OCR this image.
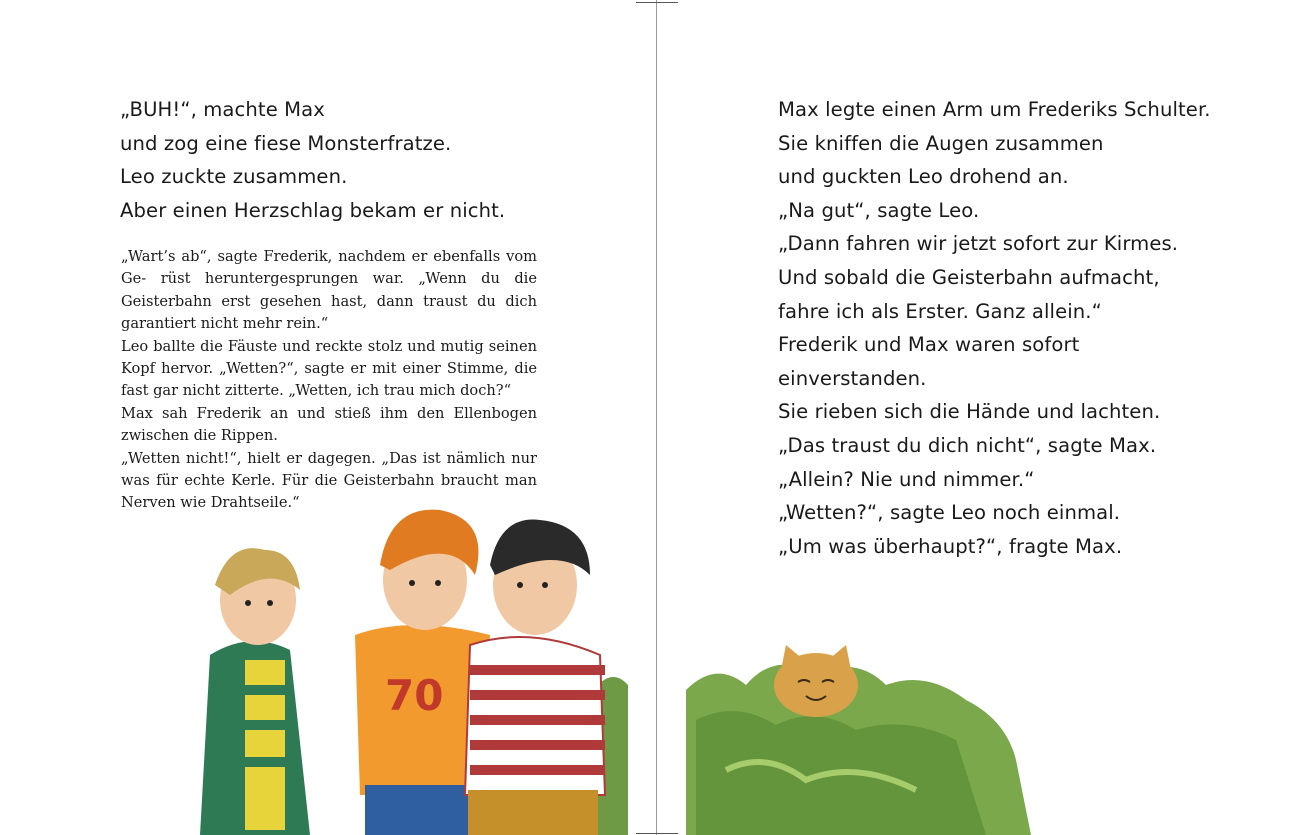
„BUH!“, machte Max

und zog eine fiese Monsterfratze.

Leo zuckte zusammen.

Aber einen Herzschlag bekam er nicht.

„Wart’s ab“, sagte Frederik, nachdem er ebenfalls vom Ge- rüst heruntergesprungen war. „Wenn du die Geisterbahn erst gesehen hast, dann traust du dich garantiert nicht mehr rein.“

Leo ballte die Fäuste und reckte stolz und mutig seinen Kopf hervor. „Wetten?“, sagte er mit einer Stimme, die fast gar nicht zitterte. „Wetten, ich trau mich doch?“

Max sah Frederik an und stieß ihm den Ellenbogen zwischen die Rippen.

„Wetten nicht!“, hielt er dagegen. „Das ist nämlich nur was für echte Kerle. Für die Geisterbahn braucht man Nerven wie Drahtseile.“

70

Max legte einen Arm um Frederiks Schulter.

Sie kniffen die Augen zusammen

und guckten Leo drohend an.

„Na gut“, sagte Leo.

„Dann fahren wir jetzt sofort zur Kirmes.

Und sobald die Geisterbahn aufmacht,

fahre ich als Erster. Ganz allein.“

Frederik und Max waren sofort

einverstanden.

Sie rieben sich die Hände und lachten.

„Das traust du dich nicht“, sagte Max.

„Allein? Nie und nimmer.“

„Wetten?“, sagte Leo noch einmal.

„Um was überhaupt?“, fragte Max.
